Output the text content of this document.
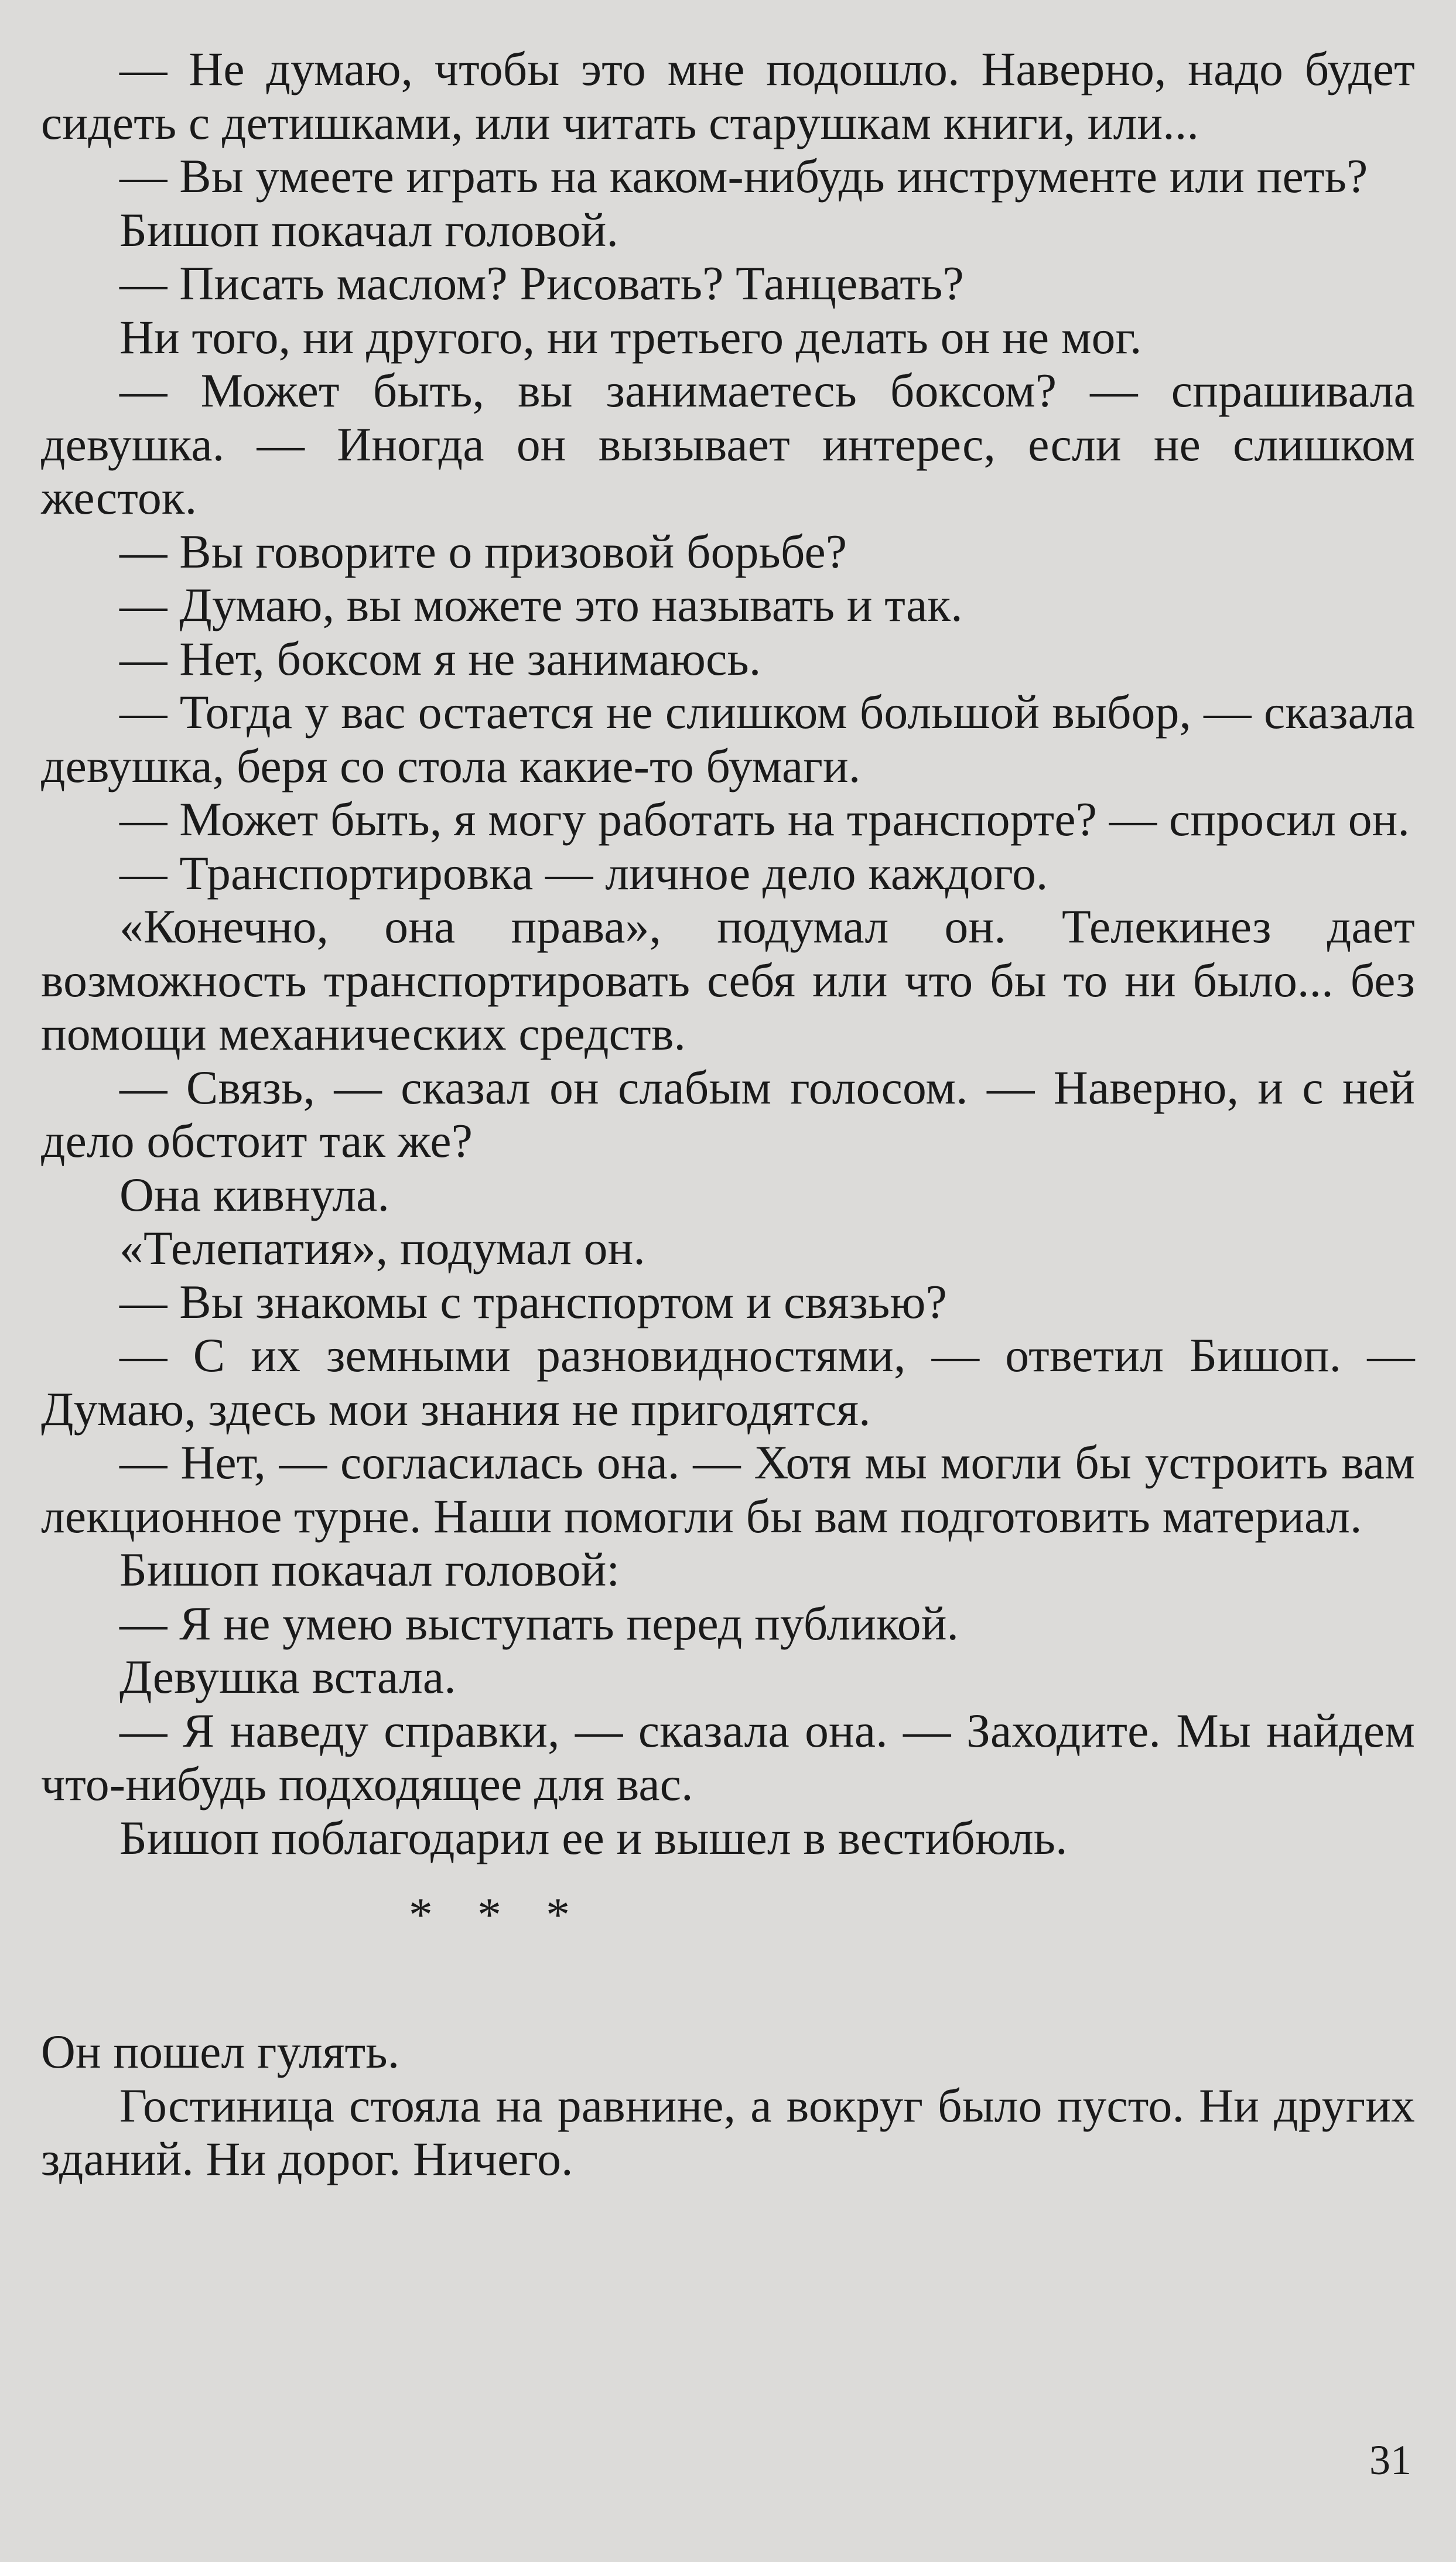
— Не думаю, чтобы это мне подошло. Наверно, надо будет сидеть с детишками, или читать старушкам книги, или...

— Вы умеете играть на каком-нибудь инструменте или петь?

Бишоп покачал головой.

— Писать маслом? Рисовать? Танцевать?

Ни того, ни другого, ни третьего делать он не мог.

— Может быть, вы занимаетесь боксом? — спрашивала девушка. — Иногда он вызывает интерес, если не слишком жесток.

— Вы говорите о призовой борьбе?

— Думаю, вы можете это называть и так.

— Нет, боксом я не занимаюсь.

— Тогда у вас остается не слишком большой выбор, — сказала девушка, беря со стола какие-то бумаги.

— Может быть, я могу работать на транспорте? — спросил он.

— Транспортировка — личное дело каждого.

«Конечно, она права», подумал он. Телекинез дает возможность транспортировать себя или что бы то ни было... без помощи механических средств.

— Связь, — сказал он слабым голосом. — Наверно, и с ней дело обстоит так же?

Она кивнула.

«Телепатия», подумал он.

— Вы знакомы с транспортом и связью?

— С их земными разновидностями, — ответил Бишоп. — Думаю, здесь мои знания не пригодятся.

— Нет, — согласилась она. — Хотя мы могли бы устроить вам лекционное турне. Наши помогли бы вам подготовить материал.

Бишоп покачал головой:

— Я не умею выступать перед публикой.

Девушка встала.

— Я наведу справки, — сказала она. — Заходите. Мы найдем что-нибудь подходящее для вас.

Бишоп поблагодарил ее и вышел в вестибюль.

* * *

Он пошел гулять.

Гостиница стояла на равнине, а вокруг было пусто. Ни других зданий. Ни дорог. Ничего.

31
